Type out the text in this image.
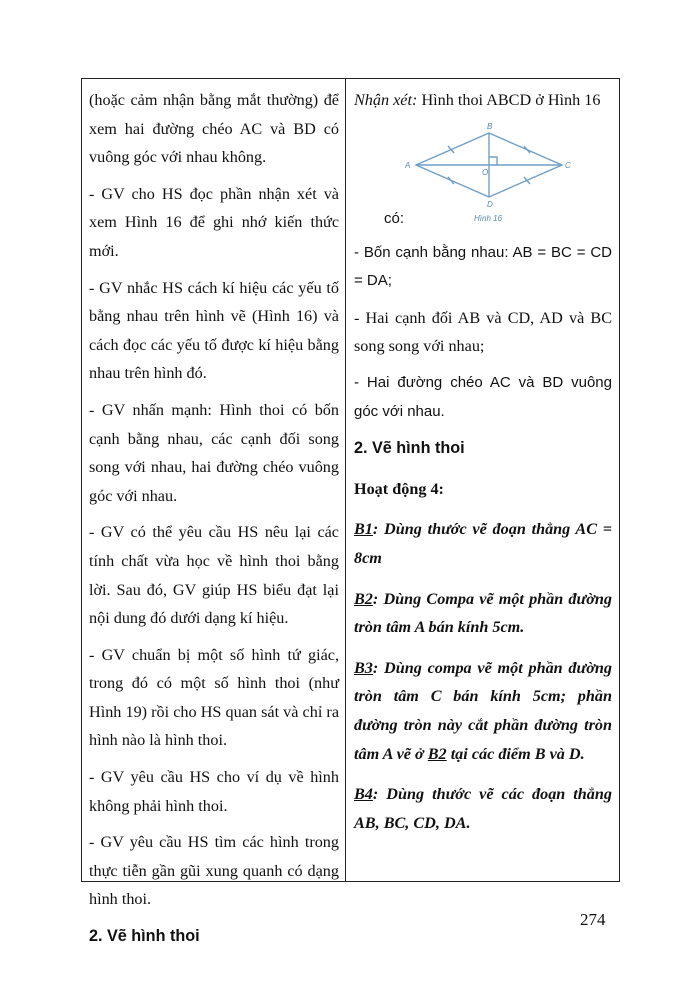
(hoặc cảm nhận bằng mắt thường) để xem hai đường chéo AC và BD có vuông góc với nhau không.

- GV cho HS đọc phần nhận xét và xem Hình 16 để ghi nhớ kiến thức mới.

- GV nhắc HS cách kí hiệu các yếu tố bằng nhau trên hình vẽ (Hình 16) và cách đọc các yếu tố được kí hiệu bằng nhau trên hình đó.

- GV nhấn mạnh: Hình thoi có bốn cạnh bằng nhau, các cạnh đối song song với nhau, hai đường chéo vuông góc với nhau.

- GV có thể yêu cầu HS nêu lại các tính chất vừa học về hình thoi bằng lời. Sau đó, GV giúp HS biểu đạt lại nội dung đó dưới dạng kí hiệu.

- GV chuẩn bị một số hình tứ giác, trong đó có một số hình thoi (như Hình 19) rồi cho HS quan sát và chỉ ra hình nào là hình thoi.

- GV yêu cầu HS cho ví dụ về hình không phải hình thoi.

- GV yêu cầu HS tìm các hình trong thực tiễn gần gũi xung quanh có dạng hình thoi.

2. Vẽ hình thoi

Nhận xét: Hình thoi ABCD ở Hình 16

A
B
C
D
O
Hình 16
có:

- Bốn cạnh bằng nhau: AB = BC = CD = DA;

- Hai cạnh đối AB và CD, AD và BC song song với nhau;

- Hai đường chéo AC và BD vuông góc với nhau.

2. Vẽ hình thoi

Hoạt động 4:

B1: Dùng thước vẽ đoạn thẳng AC = 8cm

B2: Dùng Compa vẽ một phần đường tròn tâm A bán kính 5cm.

B3: Dùng compa vẽ một phần đường tròn tâm C bán kính 5cm; phần đường tròn này cắt phần đường tròn tâm A vẽ ở B2 tại các điểm B và D.

B4: Dùng thước vẽ các đoạn thẳng AB, BC, CD, DA.

274
